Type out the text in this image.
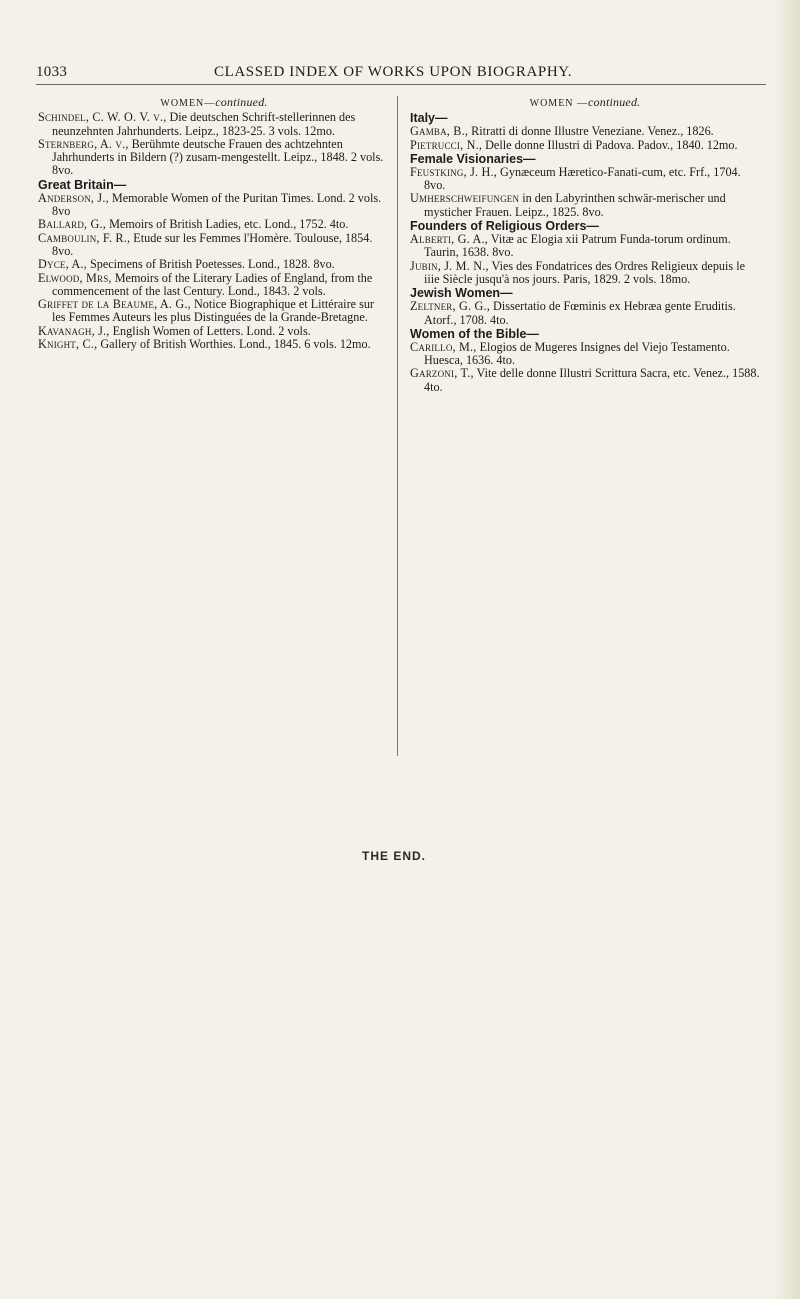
1033	CLASSED INDEX OF WORKS UPON BIOGRAPHY.
WOMEN—continued.

Schindel, C. W. O. V. v., Die deutschen Schrift-stellerinnen des neunzehnten Jahrhunderts. Leipz., 1823-25. 3 vols. 12mo.

Sternberg, A. v., Berühmte deutsche Frauen des achtzehnten Jahrhunderts in Bildern (?) zusam-mengestellt. Leipz., 1848. 2 vols. 8vo.

Great Britain—

Anderson, J., Memorable Women of the Puritan Times. Lond. 2 vols. 8vo

Ballard, G., Memoirs of British Ladies, etc. Lond., 1752. 4to.

Camboulin, F. R., Etude sur les Femmes l'Homère. Toulouse, 1854. 8vo.

Dyce, A., Specimens of British Poetesses. Lond., 1828. 8vo.

Elwood, Mrs, Memoirs of the Literary Ladies of England, from the commencement of the last Century. Lond., 1843. 2 vols.

Griffet de la Beaume, A. G., Notice Biographique et Littéraire sur les Femmes Auteurs les plus Distinguées de la Grande-Bretagne.

Kavanagh, J., English Women of Letters. Lond. 2 vols.

Knight, C., Gallery of British Worthies. Lond., 1845. 6 vols. 12mo.

WOMEN —continued.

Italy—

Gamba, B., Ritratti di donne Illustre Veneziane. Venez., 1826.

Pietrucci, N., Delle donne Illustri di Padova. Padov., 1840. 12mo.

Female Visionaries—

Feustking, J. H., Gynæceum Hæretico-Fanati-cum, etc. Frf., 1704. 8vo.

Umherschweifungen in den Labyrinthen schwär-merischer und mysticher Frauen. Leipz., 1825. 8vo.

Founders of Religious Orders—

Alberti, G. A., Vitæ ac Elogia xii Patrum Funda-torum ordinum. Taurin, 1638. 8vo.

Jubin, J. M. N., Vies des Fondatrices des Ordres Religieux depuis le iiie Siècle jusqu'à nos jours. Paris, 1829. 2 vols. 18mo.

Jewish Women—

Zeltner, G. G., Dissertatio de Fœminis ex Hebræa gente Eruditis. Atorf., 1708. 4to.

Women of the Bible—

Carillo, M., Elogios de Mugeres Insignes del Viejo Testamento. Huesca, 1636. 4to.

Garzoni, T., Vite delle donne Illustri Scrittura Sacra, etc. Venez., 1588. 4to.

THE END.
